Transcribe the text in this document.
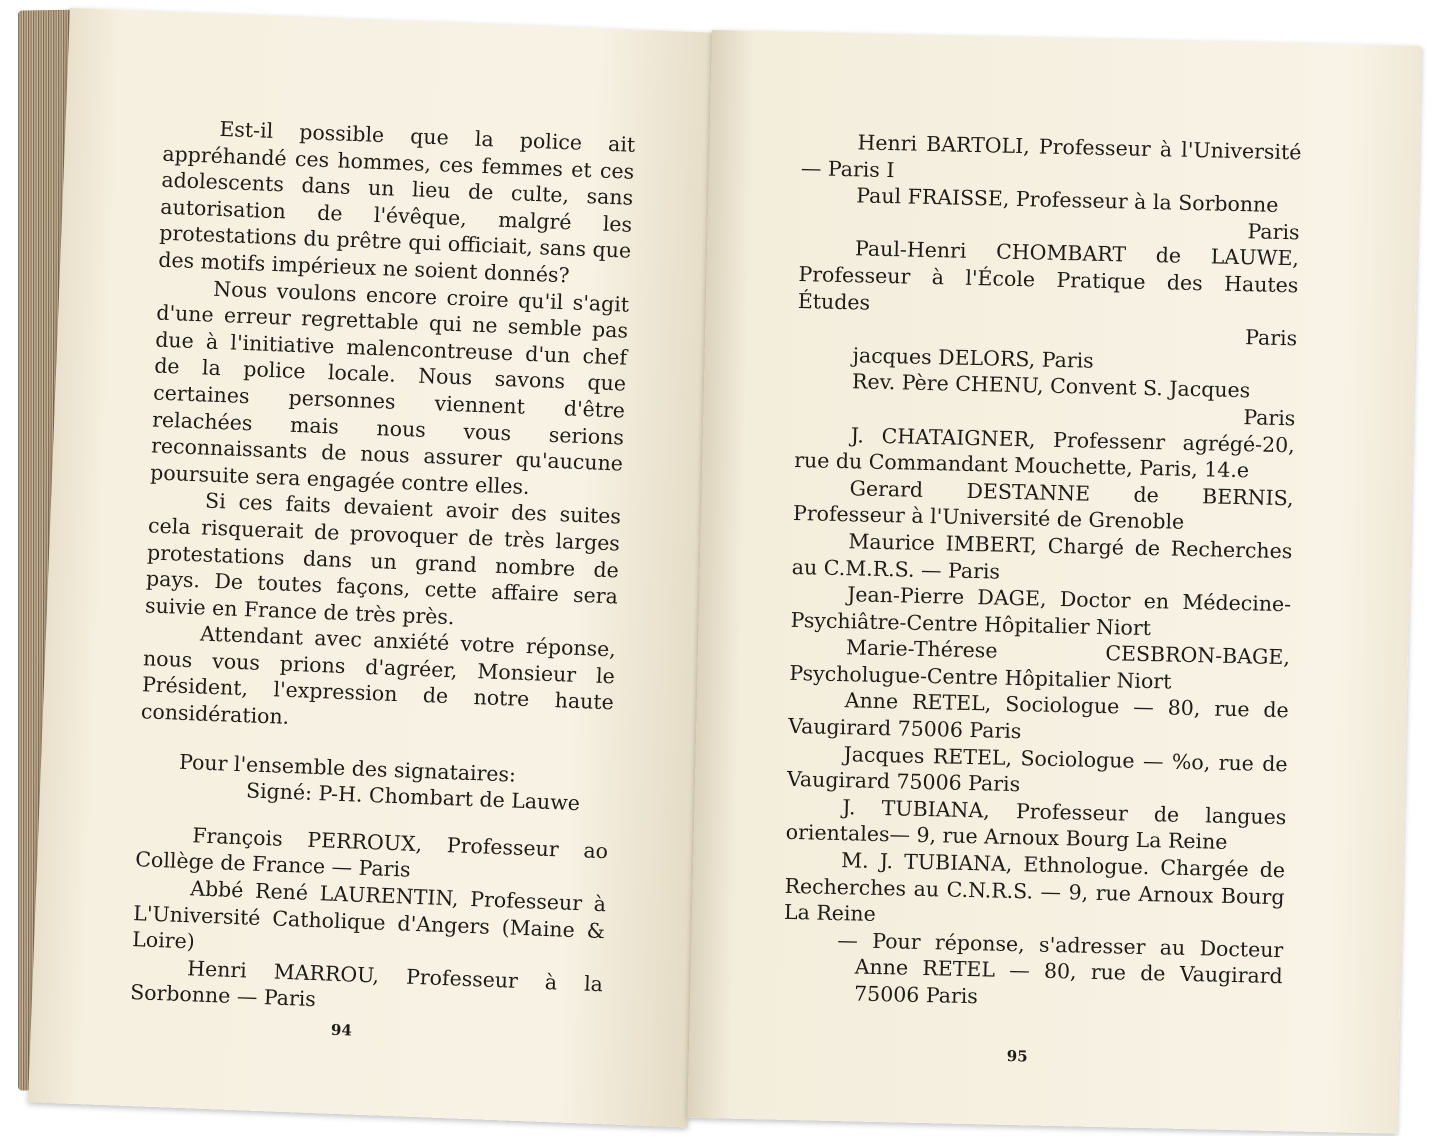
Est-il possible que la police ait appréhandé ces hommes, ces femmes et ces adolescents dans un lieu de culte, sans autorisation de l'évêque, malgré les protestations du prêtre qui officiait, sans que des motifs impérieux ne soient donnés?

Nous voulons encore croire qu'il s'agit d'une erreur regrettable qui ne semble pas due à l'initiative malencontreuse d'un chef de la police locale. Nous savons que certaines personnes viennent d'être relachées mais nous vous serions reconnaissants de nous assurer qu'aucune poursuite sera engagée contre elles.

Si ces faits devaient avoir des suites cela risquerait de provoquer de très larges protestations dans un grand nombre de pays. De toutes façons, cette affaire sera suivie en France de très près.

Attendant avec anxiété votre réponse, nous vous prions d'agréer, Monsieur le Président, l'expression de notre haute considération.

Pour l'ensemble des signataires:

Signé: P-H. Chombart de Lauwe

François PERROUX, Professeur ao Collège de France — Paris

Abbé René LAURENTIN, Professeur à L'Université Catholique d'Angers (Maine & Loire)

Henri MARROU, Professeur à la Sorbonne — Paris

94

Henri BARTOLI, Professeur à l'Université — Paris I

Paul FRAISSE, Professeur à la Sorbonne
Paris

Paul-Henri CHOMBART de LAUWE, Professeur à l'École Pratique des Hautes Études
Paris

jacques DELORS, Paris

Rev. Père CHENU, Convent S. Jacques
Paris

J. CHATAIGNER, Professenr agrégé-20, rue du Commandant Mouchette, Paris, 14.e

Gerard DESTANNE de BERNIS, Professeur à l'Université de Grenoble

Maurice IMBERT, Chargé de Recherches au C.M.R.S. — Paris

Jean-Pierre DAGE, Doctor en Médecine-Psychiâtre-Centre Hôpitalier Niort

Marie-Thérese CESBRON-BAGE, Psycholugue-Centre Hôpitalier Niort

Anne RETEL, Sociologue — 80, rue de Vaugirard 75006 Paris

Jacques RETEL, Sociologue — %o, rue de Vaugirard 75006 Paris

J. TUBIANA, Professeur de langues orientales— 9, rue Arnoux Bourg La Reine

M. J. TUBIANA, Ethnologue. Chargée de Recherches au C.N.R.S. — 9, rue Arnoux Bourg La Reine

— Pour réponse, s'adresser au Docteur Anne RETEL — 80, rue de Vaugirard 75006 Paris

95
